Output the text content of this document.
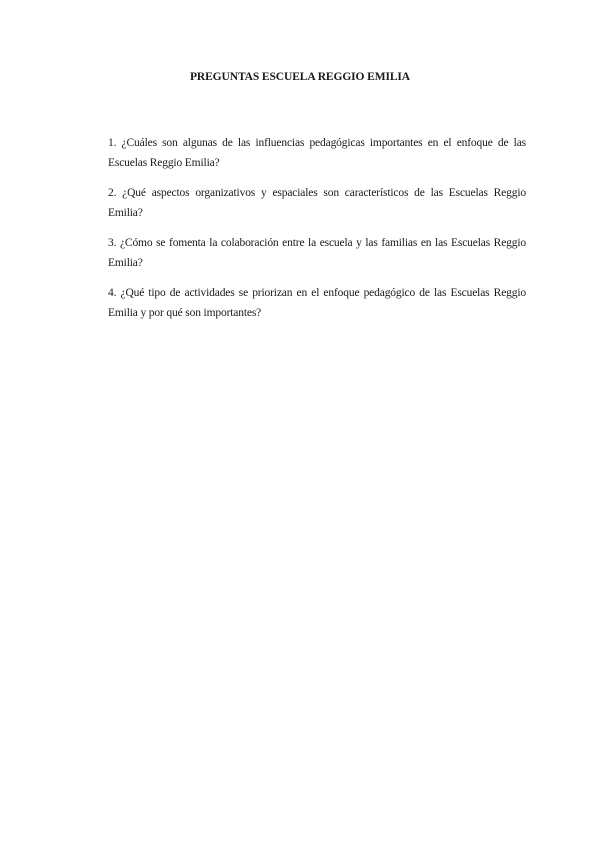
PREGUNTAS ESCUELA REGGIO EMILIA
1. ¿Cuáles son algunas de las influencias pedagógicas importantes en el enfoque de las Escuelas Reggio Emilia?
2. ¿Qué aspectos organizativos y espaciales son característicos de las Escuelas Reggio Emilia?
3. ¿Cómo se fomenta la colaboración entre la escuela y las familias en las Escuelas Reggio Emilia?
4. ¿Qué tipo de actividades se priorizan en el enfoque pedagógico de las Escuelas Reggio Emilia y por qué son importantes?
